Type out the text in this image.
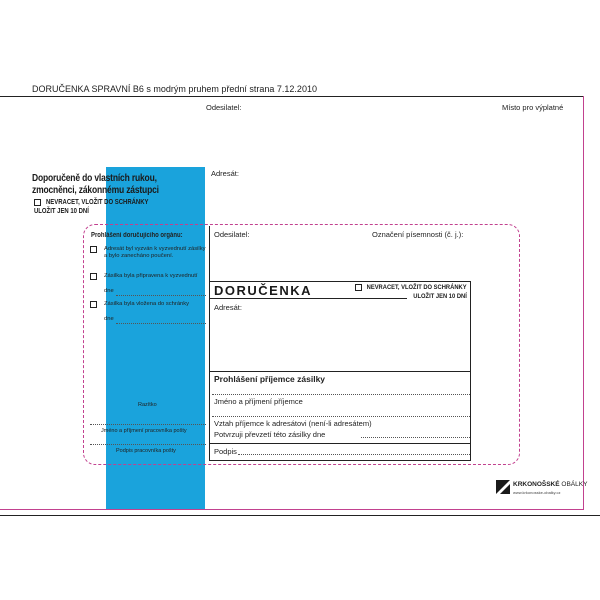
DORUČENKA SPRAVNÍ B6 s modrým pruhem přední strana 7.12.2010
Odesilatel:	Místo pro výplatné
Adresát:
Doporučeně do vlastních rukou,
zmocněnci, zákonnému zástupci
NEVRACET, VLOŽIT DO SCHRÁNKY
ULOŽIT JEN 10 DNÍ
Prohlášení doručujícího orgánu:
Adresát byl vyzván k vyzvednutí zásilky
a bylo zanecháno poučení.
Zásilka byla připravena k vyzvednutí
dne
Zásilka byla vložena do schránky
dne
Razítko
Jméno a příjmení pracovníka pošty
Podpis pracovníka pošty
Odesilatel:	Označení písemnosti (č. j.):
DORUČENKA	NEVRACET, VLOŽIT DO SCHRÁNKY
ULOŽIT JEN 10 DNÍ
Adresát:
Prohlášení příjemce zásilky
Jméno a příjmení příjemce
Vztah příjemce k adresátovi (není-li adresátem)
Potvrzuji převzetí této zásilky dne
Podpis
KRKONOŠSKÉ OBÁLKY
www.krkonosske-obalky.cz
